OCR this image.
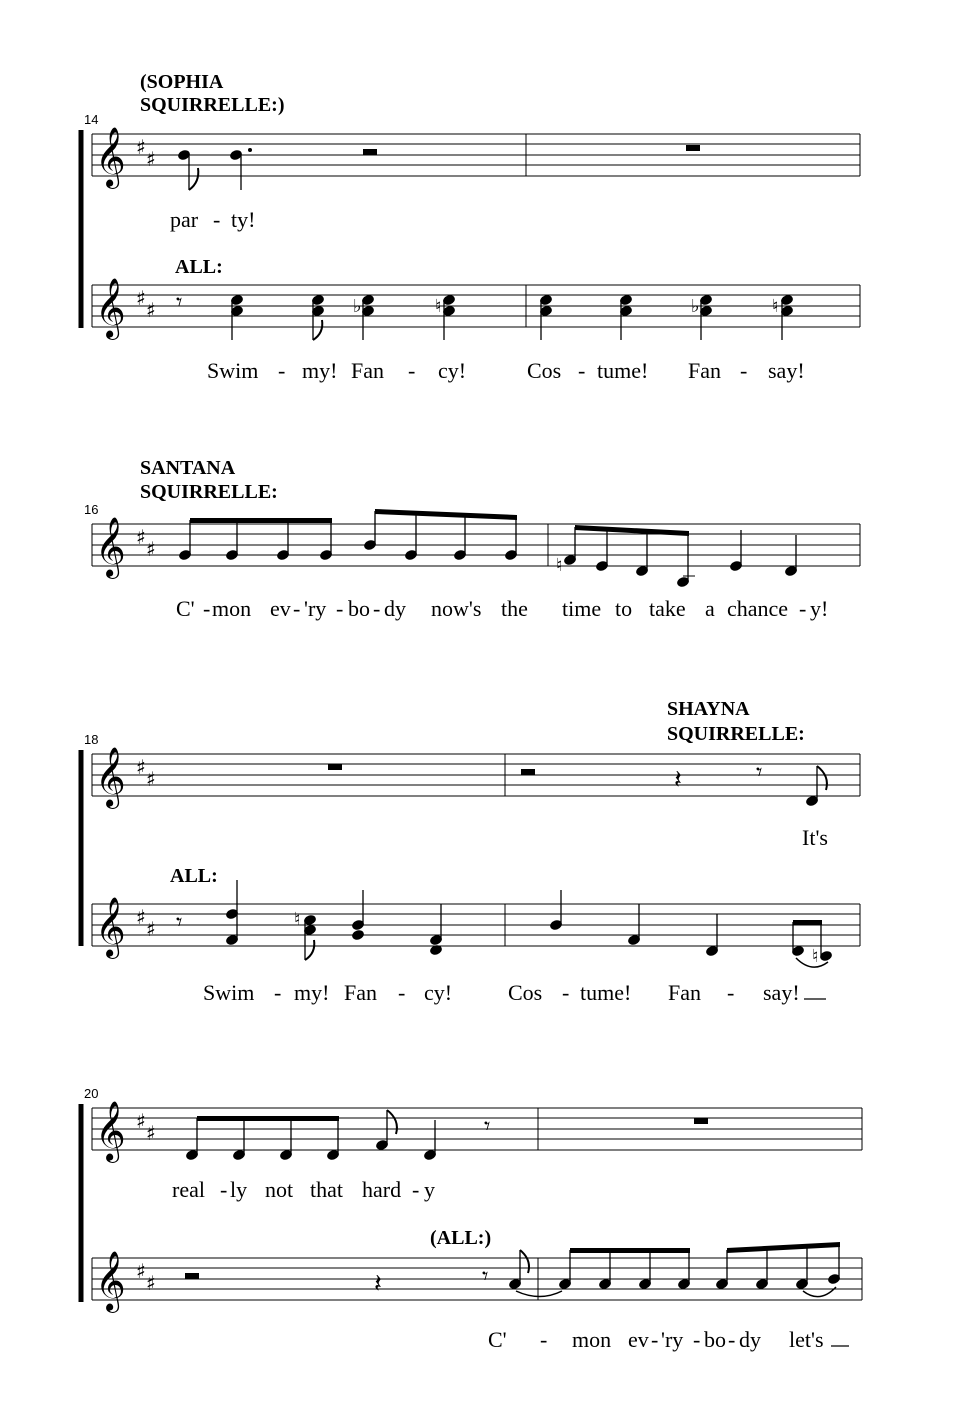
14
𝄞 ♯ ♯
(SOPHIA
SQUIRRELLE:)
par - ty!
𝄞 ♯ ♯
ALL:
𝄾	♭	♮	♭	♮
Swim - my! Fan - cy!	Cos - tume! Fan - say!
16
SANTANA
SQUIRRELLE:
𝄞 ♯ ♯
♮
C' - mon ev - 'ry - bo - dy now's the time to take a chance - y!
18
𝄞 ♯ ♯
SHAYNA
SQUIRRELLE:
𝄽	𝄾
It's
𝄞 ♯ ♯
ALL:
𝄾	♮
♮
Swim - my! Fan - cy!	Cos - tume! Fan - say!
20
𝄞 ♯ ♯	𝄾
real - ly not that hard - y
𝄞 ♯ ♯
(ALL:)
𝄽	𝄾
C' - mon ev - 'ry - bo - dy let's
